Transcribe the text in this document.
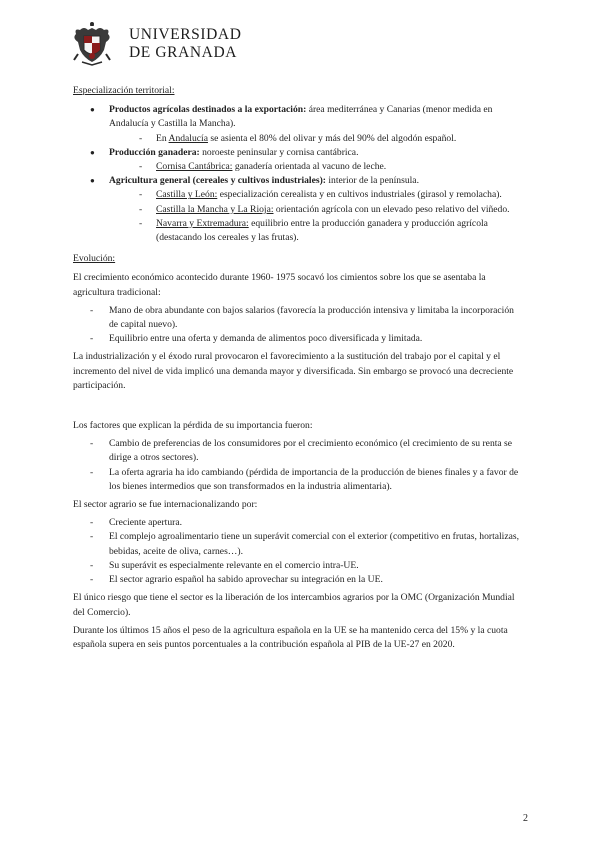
UNIVERSIDAD
DE GRANADA

Especialización territorial:

● Productos agrícolas destinados a la exportación: área mediterránea y Canarias (menor medida en Andalucía y Castilla la Mancha).
- En Andalucía se asienta el 80% del olivar y más del 90% del algodón español.
● Producción ganadera: noroeste peninsular y cornisa cantábrica.
- Cornisa Cantábrica: ganadería orientada al vacuno de leche.
● Agricultura general (cereales y cultivos industriales): interior de la península.
- Castilla y León: especialización cerealista y en cultivos industriales (girasol y remolacha).
- Castilla la Mancha y La Rioja: orientación agrícola con un elevado peso relativo del viñedo.
- Navarra y Extremadura: equilibrio entre la producción ganadera y producción agrícola (destacando los cereales y las frutas).

Evolución:

El crecimiento económico acontecido durante 1960- 1975 socavó los cimientos sobre los que se asentaba la agricultura tradicional:

- Mano de obra abundante con bajos salarios (favorecía la producción intensiva y limitaba la incorporación de capital nuevo).
- Equilibrio entre una oferta y demanda de alimentos poco diversificada y limitada.

La industrialización y el éxodo rural provocaron el favorecimiento a la sustitución del trabajo por el capital y el incremento del nivel de vida implicó una demanda mayor y diversificada. Sin embargo se provocó una decreciente participación.

Los factores que explican la pérdida de su importancia fueron:

- Cambio de preferencias de los consumidores por el crecimiento económico (el crecimiento de su renta se dirige a otros sectores).
- La oferta agraria ha ido cambiando (pérdida de importancia de la producción de bienes finales y a favor de los bienes intermedios que son transformados en la industria alimentaria).

El sector agrario se fue internacionalizando por:

- Creciente apertura.
- El complejo agroalimentario tiene un superávit comercial con el exterior (competitivo en frutas, hortalizas, bebidas, aceite de oliva, carnes…).
- Su superávit es especialmente relevante en el comercio intra-UE.
- El sector agrario español ha sabido aprovechar su integración en la UE.

El único riesgo que tiene el sector es la liberación de los intercambios agrarios por la OMC (Organización Mundial del Comercio).

Durante los últimos 15 años el peso de la agricultura española en la UE se ha mantenido cerca del 15% y la cuota española supera en seis puntos porcentuales a la contribución española al PIB de la UE-27 en 2020.

2
